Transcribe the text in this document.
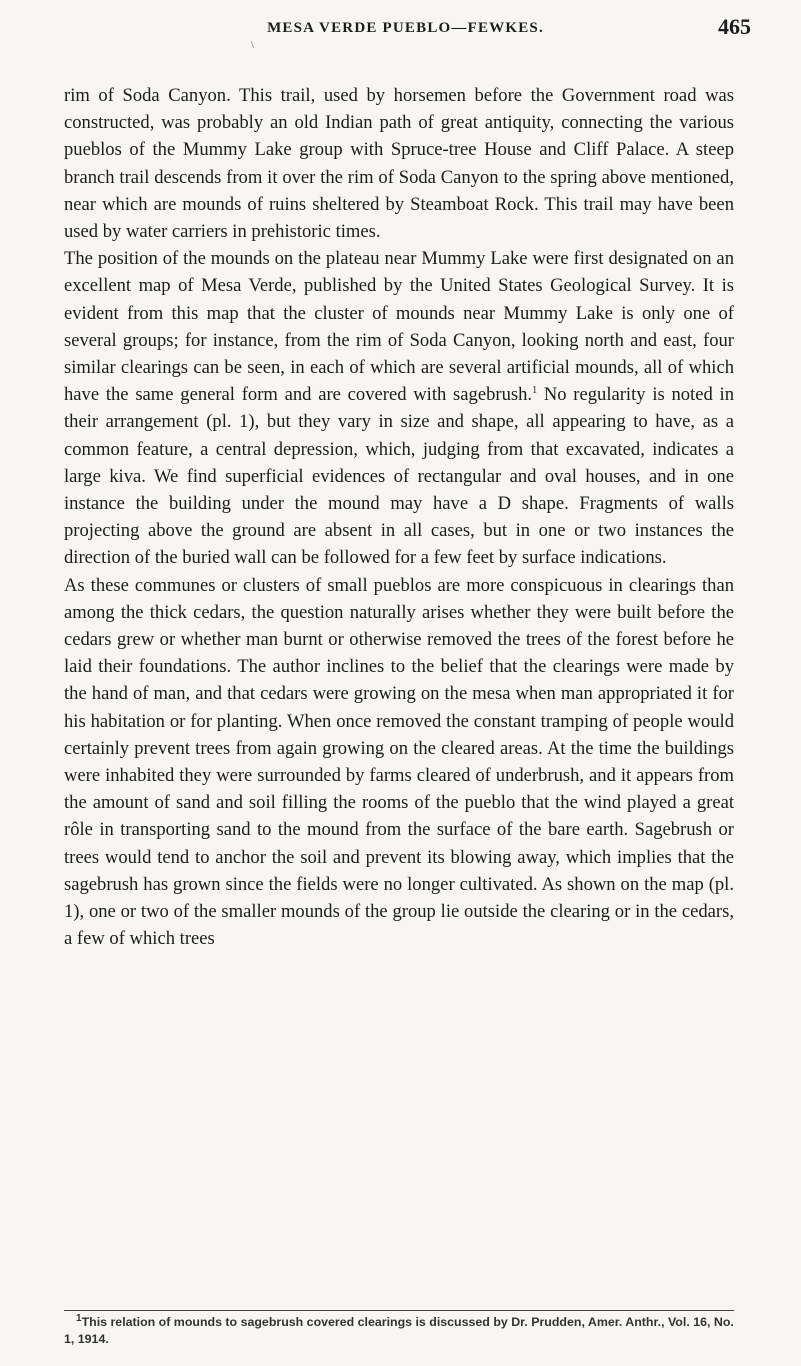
MESA VERDE PUEBLO—FEWKES.	465
\

rim of Soda Canyon. This trail, used by horsemen before the Government road was constructed, was probably an old Indian path of great antiquity, connecting the various pueblos of the Mummy Lake group with Spruce-tree House and Cliff Palace. A steep branch trail descends from it over the rim of Soda Canyon to the spring above mentioned, near which are mounds of ruins sheltered by Steamboat Rock. This trail may have been used by water carriers in prehistoric times.

The position of the mounds on the plateau near Mummy Lake were first designated on an excellent map of Mesa Verde, published by the United States Geological Survey. It is evident from this map that the cluster of mounds near Mummy Lake is only one of several groups; for instance, from the rim of Soda Canyon, looking north and east, four similar clearings can be seen, in each of which are several artificial mounds, all of which have the same general form and are covered with sagebrush.$^1$ No regularity is noted in their arrangement (pl. 1), but they vary in size and shape, all appearing to have, as a common feature, a central depression, which, judging from that excavated, indicates a large kiva. We find superficial evidences of rectangular and oval houses, and in one instance the building under the mound may have a D shape. Fragments of walls projecting above the ground are absent in all cases, but in one or two instances the direction of the buried wall can be followed for a few feet by surface indications.

As these communes or clusters of small pueblos are more conspicuous in clearings than among the thick cedars, the question naturally arises whether they were built before the cedars grew or whether man burnt or otherwise removed the trees of the forest before he laid their foundations. The author inclines to the belief that the clearings were made by the hand of man, and that cedars were growing on the mesa when man appropriated it for his habitation or for planting. When once removed the constant tramping of people would certainly prevent trees from again growing on the cleared areas. At the time the buildings were inhabited they were surrounded by farms cleared of underbrush, and it appears from the amount of sand and soil filling the rooms of the pueblo that the wind played a great rôle in transporting sand to the mound from the surface of the bare earth. Sagebrush or trees would tend to anchor the soil and prevent its blowing away, which implies that the sagebrush has grown since the fields were no longer cultivated. As shown on the map (pl. 1), one or two of the smaller mounds of the group lie outside the clearing or in the cedars, a few of which trees

$^1$This relation of mounds to sagebrush covered clearings is discussed by Dr. Prudden, Amer. Anthr., Vol. 16, No. 1, 1914.
